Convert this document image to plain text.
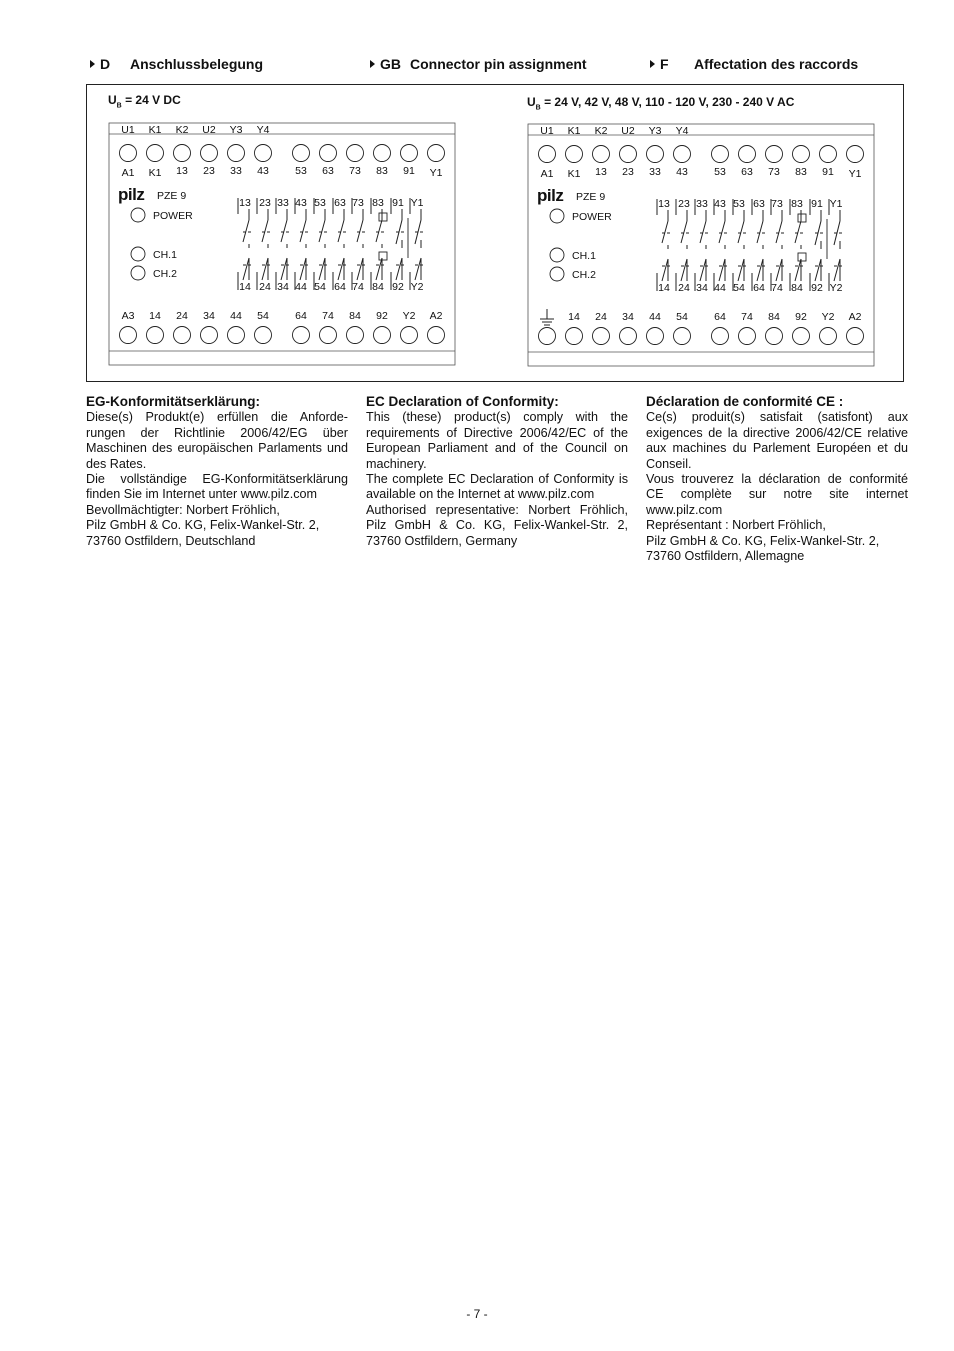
D Anschlussbelegung	GB Connector pin assignment	F Affectation des raccords
$U_B = 24$ V DC	$U_B = 24$ V, 42 V, 48 V, 110 - 120 V, 230 - 240 V AC
U1 K1 K2 U2 Y3 Y4
A1 K1 13 23 33 43	53 63 73 83 91 Y1
pilz PZE 9
POWER
CH.1
CH.2
13 23 33 43 53 63 73 83 91 Y1
14 24 34 44 54 64 74 84 92 Y2
A3 14 24 34 44 54	64 74 84 92 Y2 A2
U1 K1 K2 U2 Y3 Y4
A1 K1 13 23 33 43	53 63 73 83 91 Y1
pilz PZE 9
POWER
CH.1
CH.2
13 23 33 43 53 63 73 83 91 Y1
14 24 34 44 54 64 74 84 92 Y2
14 24 34 44 54	64 74 84 92 Y2 A2
EG-Konformitätserklärung:

Diese(s) Produkt(e) erfüllen die Anforde-rungen der Richtlinie 2006/42/EG über Maschinen des europäischen Parlaments und des Rates.

Die vollständige EG-Konformitätserklärung finden Sie im Internet unter www.pilz.com

Bevollmächtigter: Norbert Fröhlich,

Pilz GmbH & Co. KG, Felix-Wankel-Str. 2, 73760 Ostfildern, Deutschland

EC Declaration of Conformity:

This (these) product(s) comply with the requirements of Directive 2006/42/EC of the European Parliament and of the Council on machinery.

The complete EC Declaration of Conformity is available on the Internet at www.pilz.com

Authorised representative: Norbert Fröhlich, Pilz GmbH & Co. KG, Felix-Wankel-Str. 2, 73760 Ostfildern, Germany

Déclaration de conformité CE :

Ce(s) produit(s) satisfait (satisfont) aux exigences de la directive 2006/42/CE relative aux machines du Parlement Européen et du Conseil.

Vous trouverez la déclaration de conformité CE complète sur notre site internet www.pilz.com

Représentant : Norbert Fröhlich,

Pilz GmbH & Co. KG, Felix-Wankel-Str. 2, 73760 Ostfildern, Allemagne

- 7 -
